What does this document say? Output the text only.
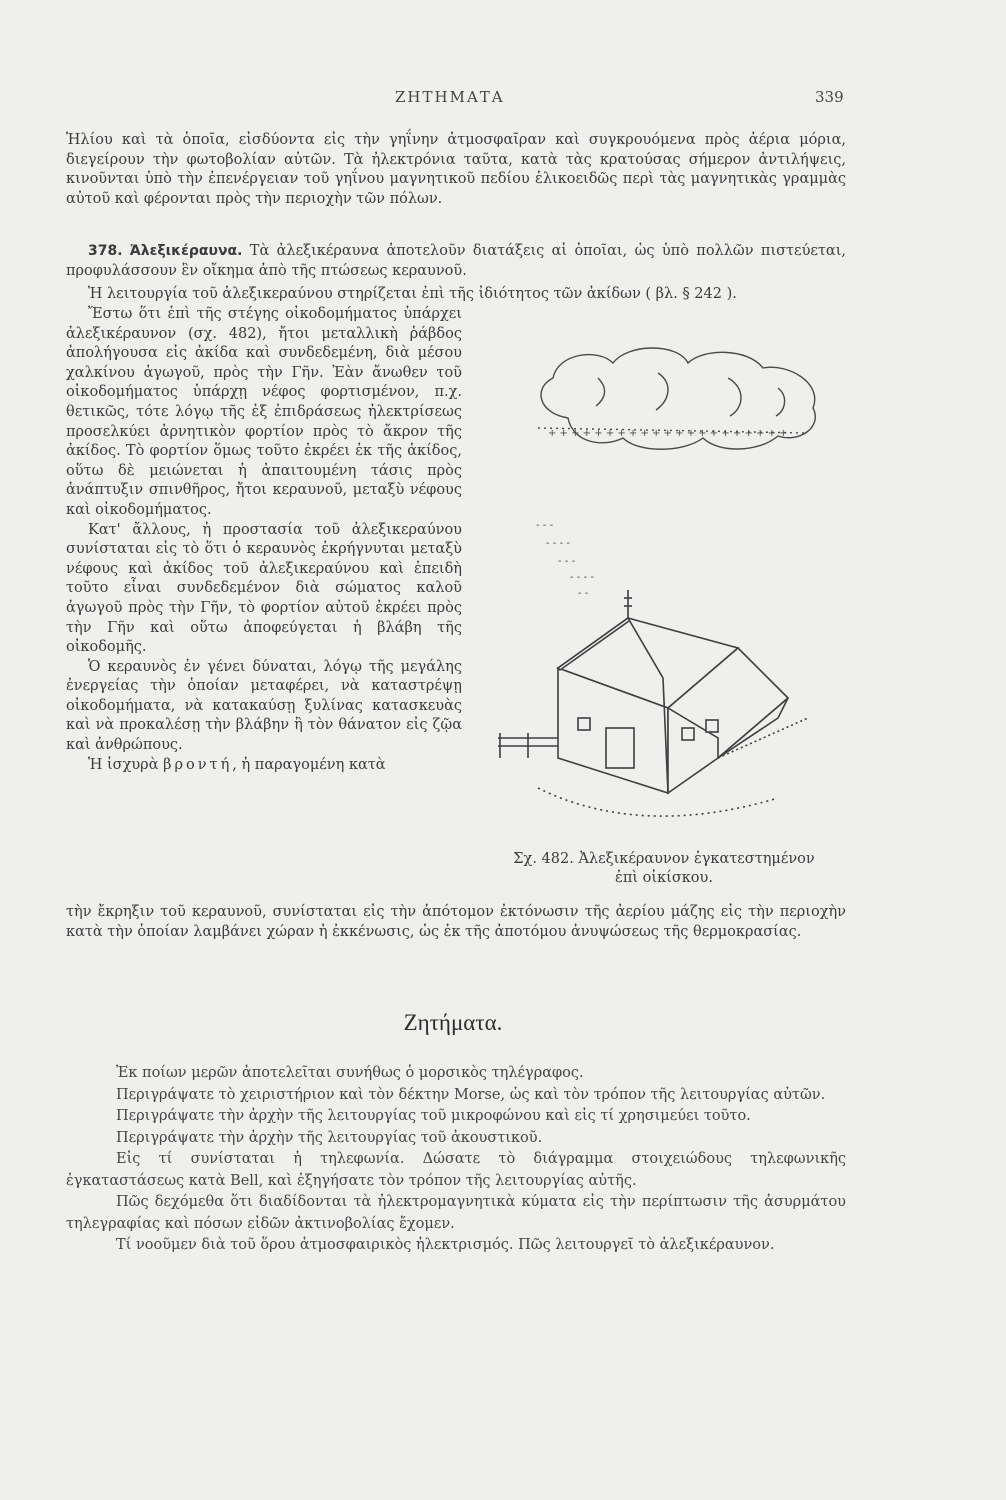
ΖΗΤΗΜΑΤΑ	339

Ἡλίου καὶ τὰ ὁποῖα, εἰσδύοντα εἰς τὴν γηΐνην ἀτμοσφαῖραν καὶ συγκρουόμενα πρὸς ἀέρια μόρια, διεγείρουν τὴν φωτοβολίαν αὐτῶν. Τὰ ἠλεκτρόνια ταῦτα, κατὰ τὰς κρατούσας σήμερον ἀντιλήψεις, κινοῦνται ὑπὸ τὴν ἐπενέργειαν τοῦ γηΐνου μαγνητικοῦ πεδίου ἑλικοειδῶς περὶ τὰς μαγνητικὰς γραμμὰς αὐτοῦ καὶ φέρονται πρὸς τὴν περιοχὴν τῶν πόλων.

378. Ἀλεξικέραυνα. Τὰ ἀλεξικέραυνα ἀποτελοῦν διατάξεις αἱ ὁποῖαι, ὡς ὑπὸ πολλῶν πιστεύεται, προφυλάσσουν ἓν οἴκημα ἀπὸ τῆς πτώσεως κεραυνοῦ.

Ἡ λειτουργία τοῦ ἀλεξικεραύνου στηρίζεται ἐπὶ τῆς ἰδιότητος τῶν ἀκίδων ( βλ. § 242 ).

Ἔστω ὅτι ἐπὶ τῆς στέγης οἰκοδομήματος ὑπάρχει ἀλεξικέραυνον (σχ. 482), ἤτοι μεταλλικὴ ῥάβδος ἀπολήγουσα εἰς ἀκίδα καὶ συνδεδεμένη, διὰ μέσου χαλκίνου ἀγωγοῦ, πρὸς τὴν Γῆν. Ἐὰν ἄνωθεν τοῦ οἰκοδομήματος ὑπάρχῃ νέφος φορτισμένον, π.χ. θετικῶς, τότε λόγῳ τῆς ἐξ ἐπιδράσεως ἠλεκτρίσεως προσελκύει ἀρνητικὸν φορτίον πρὸς τὸ ἄκρον τῆς ἀκίδος. Τὸ φορτίον ὅμως τοῦτο ἐκρέει ἐκ τῆς ἀκίδος, οὕτω δὲ μειώνεται ἡ ἀπαιτουμένη τάσις πρὸς ἀνάπτυξιν σπινθῆρος, ἤτοι κεραυνοῦ, μεταξὺ νέφους καὶ οἰκοδομήματος.

Κατ' ἄλλους, ἡ προστασία τοῦ ἀλεξικεραύνου συνίσταται εἰς τὸ ὅτι ὁ κεραυνὸς ἐκρήγνυται μεταξὺ νέφους καὶ ἀκίδος τοῦ ἀλεξικεραύνου καὶ ἐπειδὴ τοῦτο εἶναι συνδεδεμένον διὰ σώματος καλοῦ ἀγωγοῦ πρὸς τὴν Γῆν, τὸ φορτίον αὐτοῦ ἐκρέει πρὸς τὴν Γῆν καὶ οὕτω ἀποφεύγεται ἡ βλάβη τῆς οἰκοδομῆς.

Ὁ κεραυνὸς ἐν γένει δύναται, λόγῳ τῆς μεγάλης ἐνεργείας τὴν ὁποίαν μεταφέρει, νὰ καταστρέψῃ οἰκοδομήματα, νὰ κατακαύσῃ ξυλίνας κατασκευὰς καὶ νὰ προκαλέσῃ τὴν βλάβην ἢ τὸν θάνατον εἰς ζῷα καὶ ἀνθρώπους.

Ἡ ἰσχυρὰ βροντή, ἡ παραγομένη κατὰ

τὴν ἔκρηξιν τοῦ κεραυνοῦ, συνίσταται εἰς τὴν ἀπότομον ἐκτόνωσιν τῆς ἀερίου μάζης εἰς τὴν περιοχὴν κατὰ τὴν ὁποίαν λαμβάνει χώραν ἡ ἐκκένωσις, ὡς ἐκ τῆς ἀποτόμου ἀνυψώσεως τῆς θερμοκρασίας.

+ + + + + + + + + + + + + + + + + + + + +
- - -
- - - -
- - -
- - - -
- -
Σχ. 482. Ἀλεξικέραυνον ἐγκατεστημένον
ἐπὶ οἰκίσκου.
Ζητήματα.

Ἐκ ποίων μερῶν ἀποτελεῖται συνήθως ὁ μορσικὸς τηλέγραφος.

Περιγράψατε τὸ χειριστήριον καὶ τὸν δέκτην Morse, ὡς καὶ τὸν τρόπον τῆς λειτουργίας αὐτῶν.

Περιγράψατε τὴν ἀρχὴν τῆς λειτουργίας τοῦ μικροφώνου καὶ εἰς τί χρησιμεύει τοῦτο.

Περιγράψατε τὴν ἀρχὴν τῆς λειτουργίας τοῦ ἀκουστικοῦ.

Εἰς τί συνίσταται ἡ τηλεφωνία. Δώσατε τὸ διάγραμμα στοιχειώδους τηλεφωνικῆς ἐγκαταστάσεως κατὰ Bell, καὶ ἐξηγήσατε τὸν τρόπον τῆς λειτουργίας αὐτῆς.

Πῶς δεχόμεθα ὅτι διαδίδονται τὰ ἠλεκτρομαγνητικὰ κύματα εἰς τὴν περίπτωσιν τῆς ἀσυρμάτου τηλεγραφίας καὶ πόσων εἰδῶν ἀκτινοβολίας ἔχομεν.

Τί νοοῦμεν διὰ τοῦ ὅρου ἀτμοσφαιρικὸς ἠλεκτρισμός. Πῶς λειτουργεῖ τὸ ἀλεξικέραυνον.
